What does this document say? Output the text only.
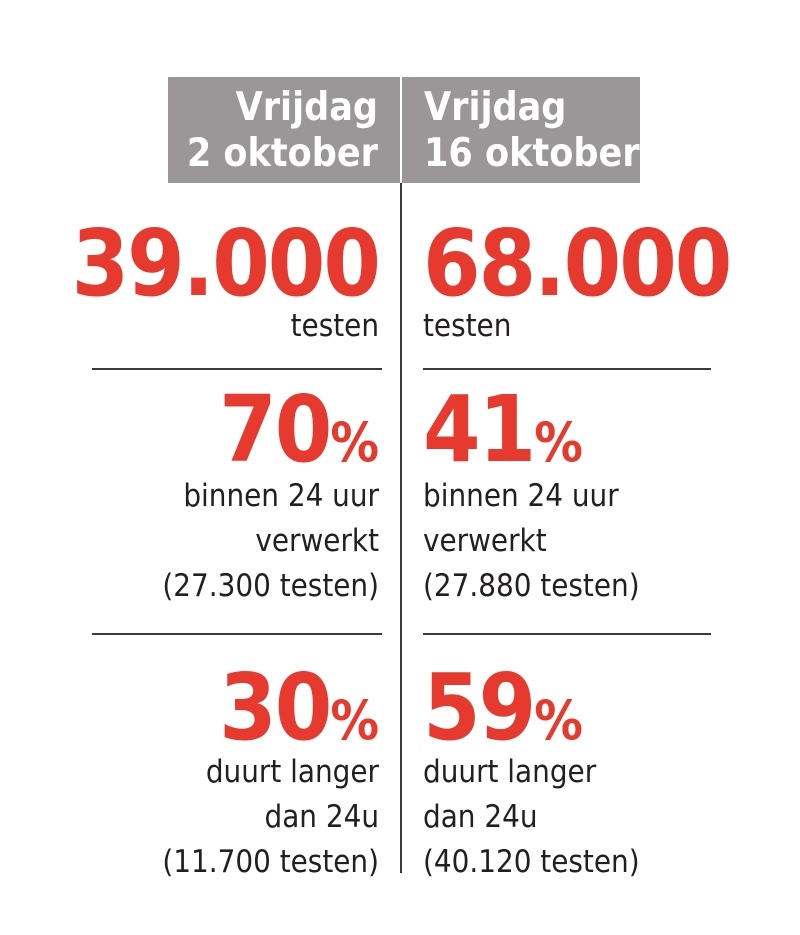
Vrijdag
2 oktober
Vrijdag
16 oktober
39.000
testen
68.000
testen
70%
binnen 24 uur
verwerkt
(27.300 testen)
41%
binnen 24 uur
verwerkt
(27.880 testen)
30%
duurt langer
dan 24u
(11.700 testen)
59%
duurt langer
dan 24u
(40.120 testen)
